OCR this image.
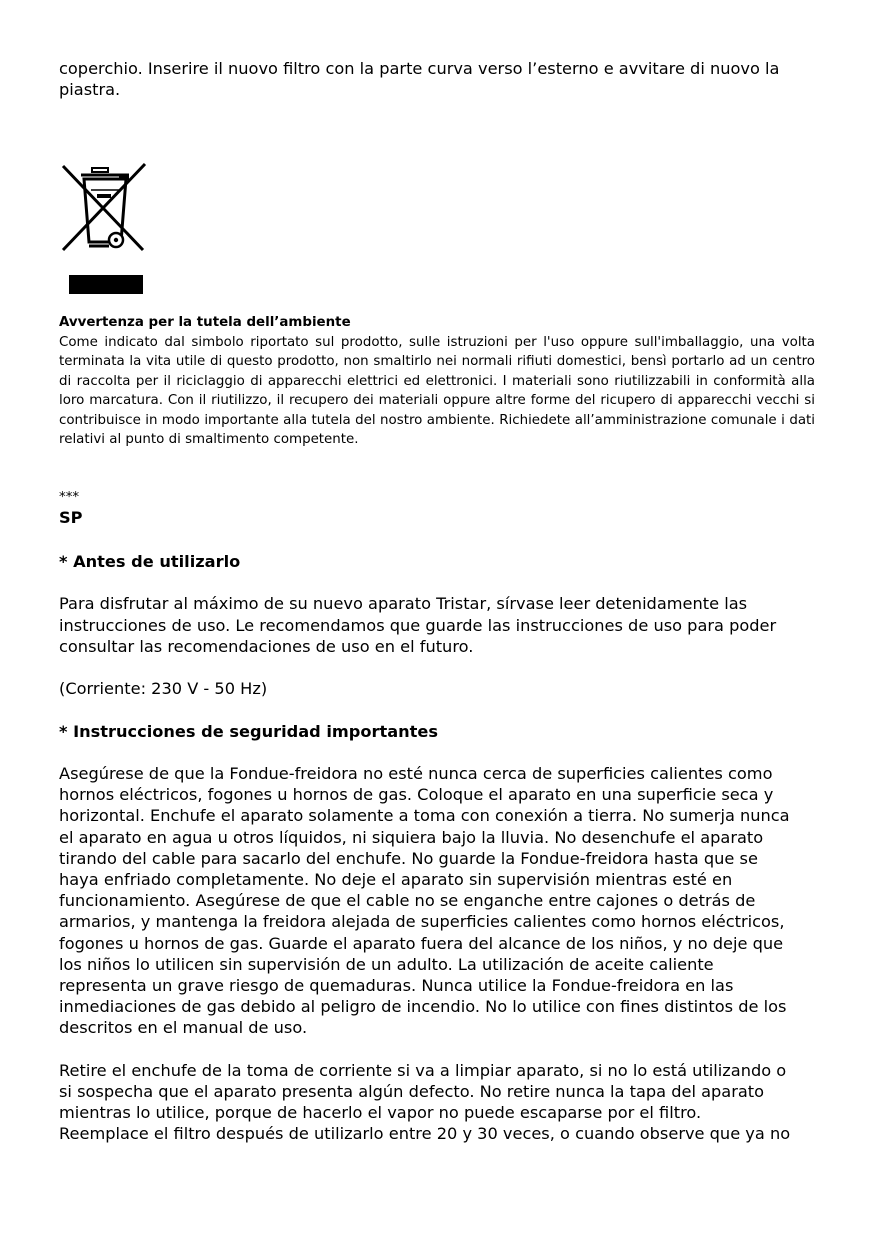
coperchio. Inserire il nuovo filtro con la parte curva verso l’esterno e avvitare di nuovo la
piastra.

Avvertenza per la tutela dell’ambiente

Come indicato dal simbolo riportato sul prodotto, sulle istruzioni per l'uso oppure sull'imballaggio, una volta terminata la vita utile di questo prodotto, non smaltirlo nei normali rifiuti domestici, bensì portarlo ad un centro di raccolta per il riciclaggio di apparecchi elettrici ed elettronici. I materiali sono riutilizzabili in conformità alla loro marcatura. Con il riutilizzo, il recupero dei materiali oppure altre forme del ricupero di apparecchi vecchi si contribuisce in modo importante alla tutela del nostro ambiente. Richiedete all’amministrazione comunale i dati relativi al punto di smaltimento competente.

***

SP

* Antes de utilizarlo

Para disfrutar al máximo de su nuevo aparato Tristar, sírvase leer detenidamente las
instrucciones de uso. Le recomendamos que guarde las instrucciones de uso para poder
consultar las recomendaciones de uso en el futuro.

(Corriente: 230 V - 50 Hz)

* Instrucciones de seguridad importantes

Asegúrese de que la Fondue-freidora no esté nunca cerca de superficies calientes como
hornos eléctricos, fogones u hornos de gas. Coloque el aparato en una superficie seca y
horizontal. Enchufe el aparato solamente a toma con conexión a tierra. No sumerja nunca
el aparato en agua u otros líquidos, ni siquiera bajo la lluvia. No desenchufe el aparato
tirando del cable para sacarlo del enchufe. No guarde la Fondue-freidora hasta que se
haya enfriado completamente. No deje el aparato sin supervisión mientras esté en
funcionamiento. Asegúrese de que el cable no se enganche entre cajones o detrás de
armarios, y mantenga la freidora alejada de superficies calientes como hornos eléctricos,
fogones u hornos de gas. Guarde el aparato fuera del alcance de los niños, y no deje que
los niños lo utilicen sin supervisión de un adulto. La utilización de aceite caliente
representa un grave riesgo de quemaduras. Nunca utilice la Fondue-freidora en las
inmediaciones de gas debido al peligro de incendio. No lo utilice con fines distintos de los
descritos en el manual de uso.

Retire el enchufe de la toma de corriente si va a limpiar aparato, si no lo está utilizando o
si sospecha que el aparato presenta algún defecto. No retire nunca la tapa del aparato
mientras lo utilice, porque de hacerlo el vapor no puede escaparse por el filtro.
Reemplace el filtro después de utilizarlo entre 20 y 30 veces, o cuando observe que ya no
